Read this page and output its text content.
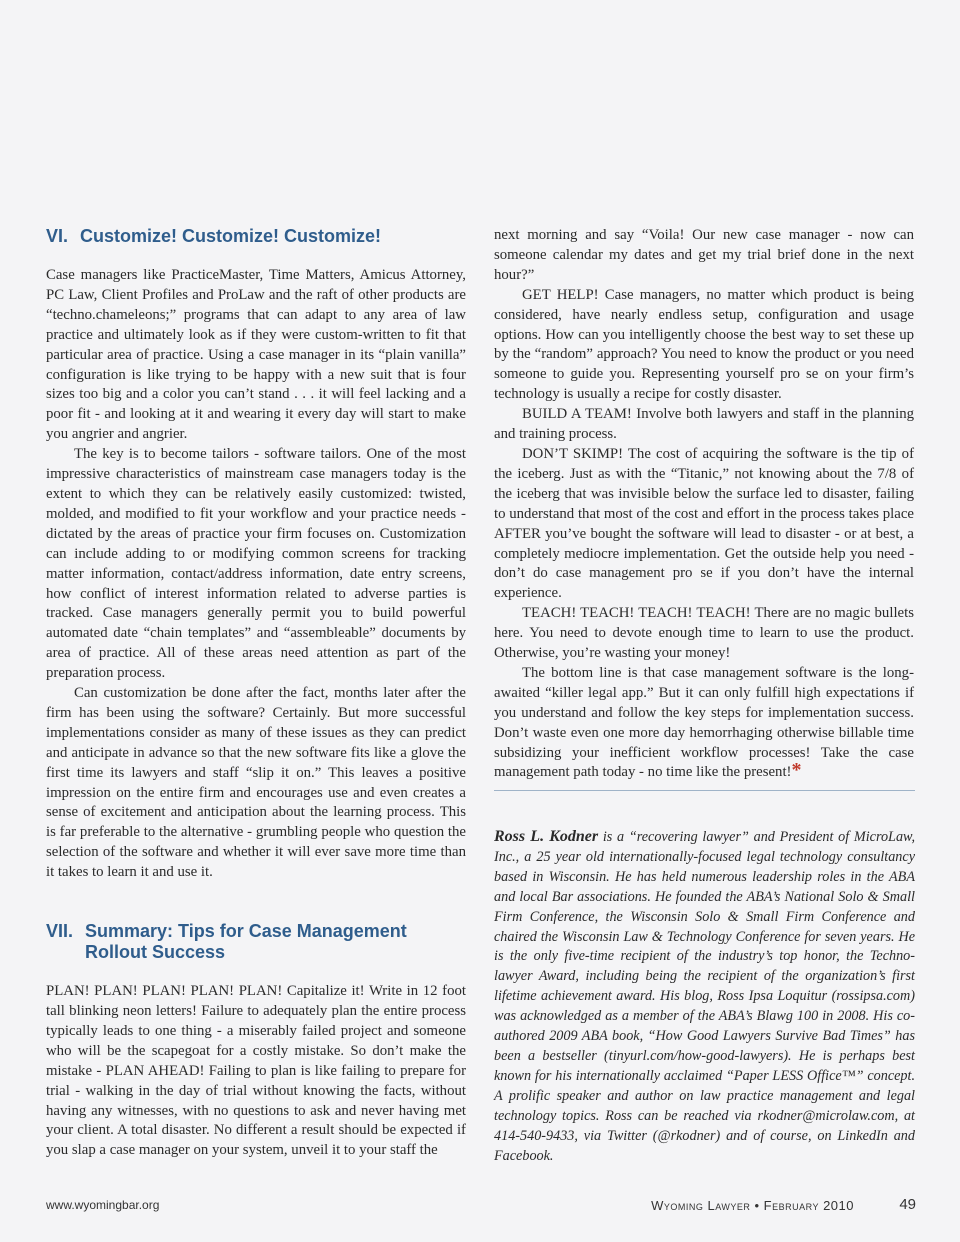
VI. Customize! Customize! Customize!

Case managers like PracticeMaster, Time Matters, Amicus Attorney, PC Law, Client Profiles and ProLaw and the raft of other products are “techno.chameleons;” programs that can adapt to any area of law practice and ultimately look as if they were custom-written to fit that particular area of practice. Using a case manager in its “plain vanilla” configuration is like trying to be happy with a new suit that is four sizes too big and a color you can’t stand . . . it will feel lacking and a poor fit - and looking at it and wearing it every day will start to make you angrier and angrier.

The key is to become tailors - software tailors. One of the most impressive characteristics of mainstream case managers today is the extent to which they can be relatively easily customized: twisted, molded, and modified to fit your workflow and your practice needs - dictated by the areas of practice your firm focuses on. Customization can include adding to or modifying common screens for tracking matter information, contact/address information, date entry screens, how conflict of interest information related to adverse parties is tracked. Case managers generally permit you to build powerful automated date “chain templates” and “assembleable” documents by area of practice. All of these areas need attention as part of the preparation process.

Can customization be done after the fact, months later after the firm has been using the software? Certainly. But more successful implementations consider as many of these issues as they can predict and anticipate in advance so that the new software fits like a glove the first time its lawyers and staff “slip it on.” This leaves a positive impression on the entire firm and encourages use and even creates a sense of excitement and anticipation about the learning process. This is far preferable to the alternative - grumbling people who question the selection of the software and whether it will ever save more time than it takes to learn it and use it.

VII. Summary: Tips for Case Management Rollout Success

PLAN! PLAN! PLAN! PLAN! PLAN! Capitalize it! Write in 12 foot tall blinking neon letters! Failure to adequately plan the entire process typically leads to one thing - a miserably failed project and someone who will be the scapegoat for a costly mistake. So don’t make the mistake - PLAN AHEAD! Failing to plan is like failing to prepare for trial - walking in the day of trial without knowing the facts, without having any witnesses, with no questions to ask and never having met your client. A total disaster. No different a result should be expected if you slap a case manager on your system, unveil it to your staff the

next morning and say “Voila! Our new case manager - now can someone calendar my dates and get my trial brief done in the next hour?”

GET HELP! Case managers, no matter which product is being considered, have nearly endless setup, configuration and usage options. How can you intelligently choose the best way to set these up by the “random” approach? You need to know the product or you need someone to guide you. Representing yourself pro se on your firm’s technology is usually a recipe for costly disaster.

BUILD A TEAM! Involve both lawyers and staff in the planning and training process.

DON’T SKIMP! The cost of acquiring the software is the tip of the iceberg. Just as with the “Titanic,” not knowing about the 7/8 of the iceberg that was invisible below the surface led to disaster, failing to understand that most of the cost and effort in the process takes place AFTER you’ve bought the software will lead to disaster - or at best, a completely mediocre implementation. Get the outside help you need - don’t do case management pro se if you don’t have the internal experience.

TEACH! TEACH! TEACH! TEACH! There are no magic bullets here. You need to devote enough time to learn to use the product. Otherwise, you’re wasting your money!

The bottom line is that case management software is the long-awaited “killer legal app.” But it can only fulfill high expectations if you understand and follow the key steps for implementation success. Don’t waste even one more day hemorrhaging otherwise billable time subsidizing your inefficient workflow processes! Take the case management path today - no time like the present!*

Ross L. Kodner is a “recovering lawyer” and President of MicroLaw, Inc., a 25 year old internationally-focused legal technology consultancy based in Wisconsin. He has held numerous leadership roles in the ABA and local Bar associations. He founded the ABA’s National Solo & Small Firm Conference, the Wisconsin Solo & Small Firm Conference and chaired the Wisconsin Law & Technology Conference for seven years. He is the only five-time recipient of the industry’s top honor, the Techno-lawyer Award, including being the recipient of the organization’s first lifetime achievement award. His blog, Ross Ipsa Loquitur (rossipsa.com) was acknowledged as a member of the ABA’s Blawg 100 in 2008. His co-authored 2009 ABA book, “How Good Lawyers Survive Bad Times” has been a bestseller (tinyurl.com/how-good-lawyers). He is perhaps best known for his internationally acclaimed “Paper LESS Office™” concept. A prolific speaker and author on law practice management and legal technology topics. Ross can be reached via rkodner@microlaw.com, at 414-540-9433, via Twitter (@rkodner) and of course, on LinkedIn and Facebook.

www.wyomingbar.org	Wyoming Lawyer • February 2010	49
